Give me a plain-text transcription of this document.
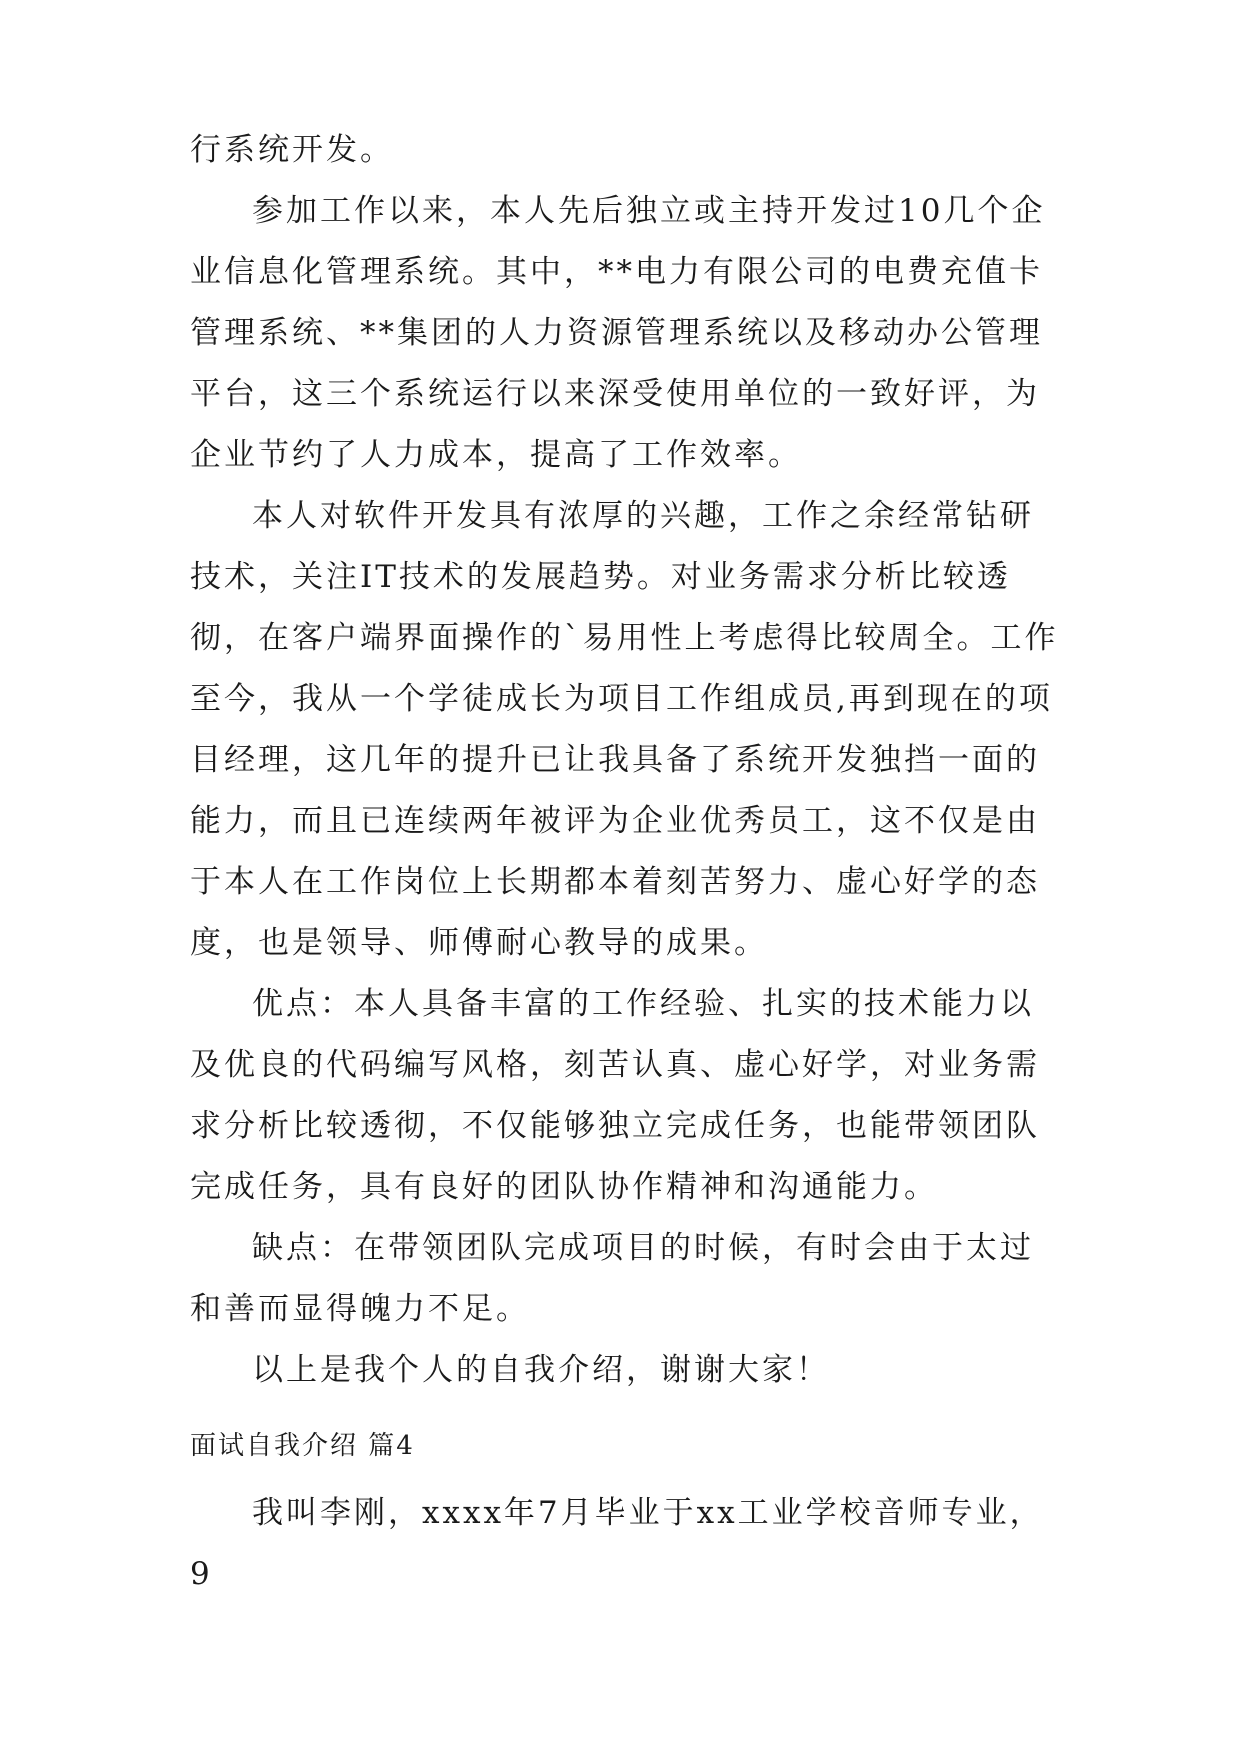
行系统开发。

参加工作以来，本人先后独立或主持开发过10几个企业信息化管理系统。其中，**电力有限公司的电费充值卡管理系统、**集团的人力资源管理系统以及移动办公管理平台，这三个系统运行以来深受使用单位的一致好评，为企业节约了人力成本，提高了工作效率。

本人对软件开发具有浓厚的兴趣，工作之余经常钻研技术，关注IT技术的发展趋势。对业务需求分析比较透彻，在客户端界面操作的`易用性上考虑得比较周全。工作至今，我从一个学徒成长为项目工作组成员,再到现在的项目经理，这几年的提升已让我具备了系统开发独挡一面的能力，而且已连续两年被评为企业优秀员工，这不仅是由于本人在工作岗位上长期都本着刻苦努力、虚心好学的态度，也是领导、师傅耐心教导的成果。

优点：本人具备丰富的工作经验、扎实的技术能力以及优良的代码编写风格，刻苦认真、虚心好学，对业务需求分析比较透彻，不仅能够独立完成任务，也能带领团队完成任务，具有良好的团队协作精神和沟通能力。

缺点：在带领团队完成项目的时候，有时会由于太过和善而显得魄力不足。

以上是我个人的自我介绍，谢谢大家！

面试自我介绍 篇4

我叫李刚，xxxx年7月毕业于xx工业学校音师专业，9
